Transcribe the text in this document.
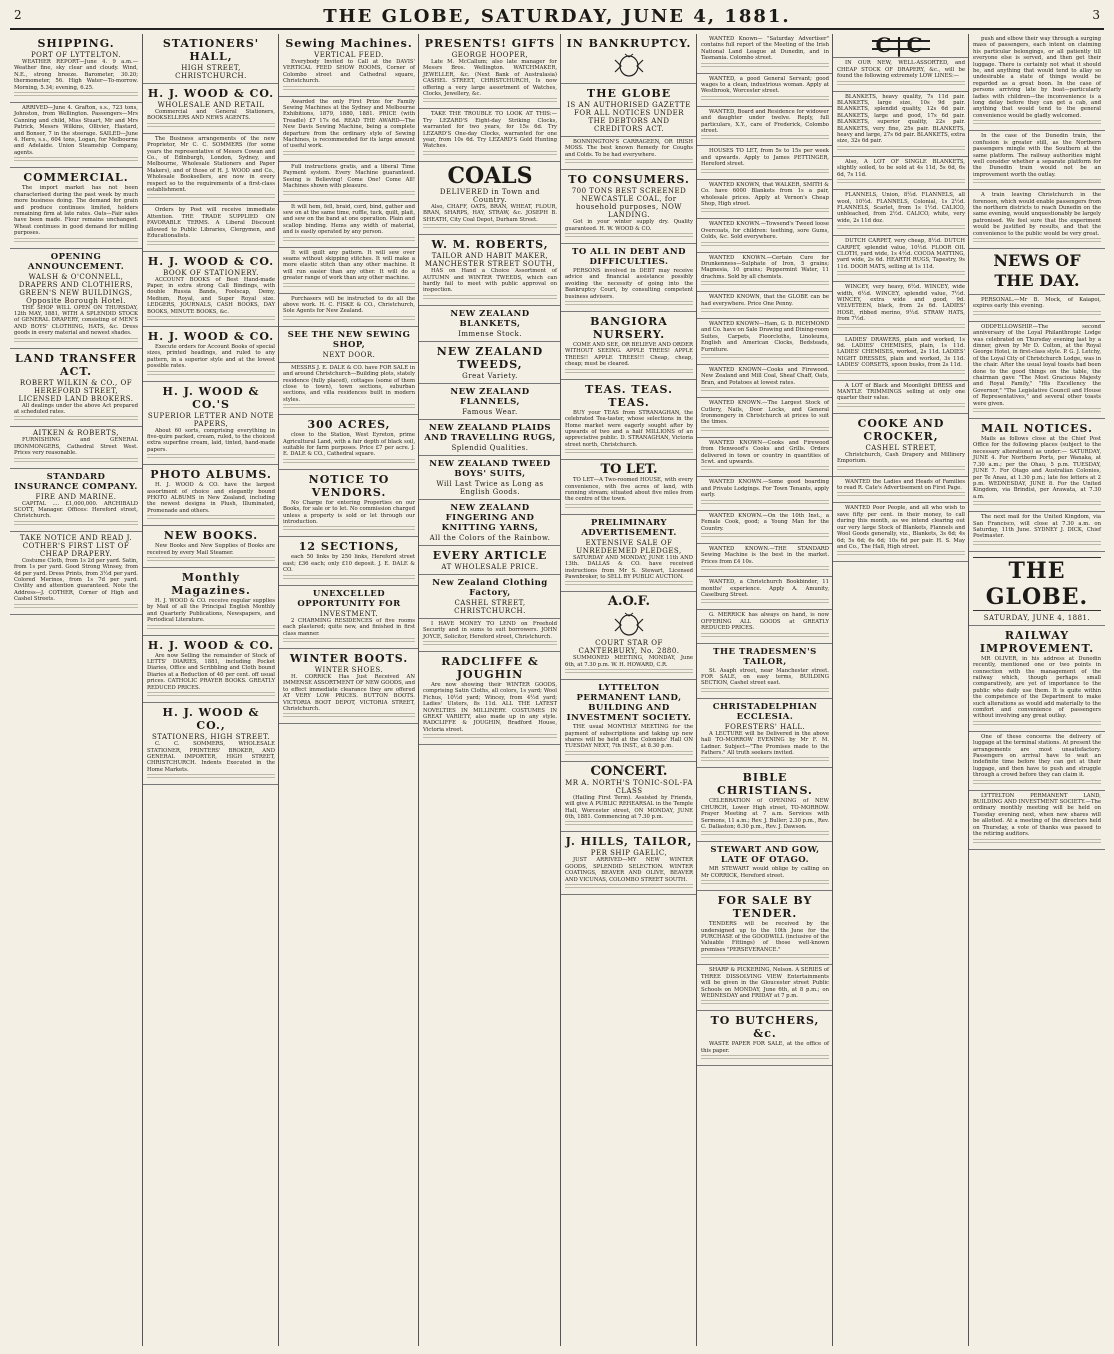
2	THE GLOBE, SATURDAY, JUNE 4, 1881.	3
SHIPPING.
PORT OF LYTTELTON.
WEATHER REPORT—June 4. 9 a.m.—Weather fine, sky clear and cloudy. Wind, N.E., strong breeze. Barometer, 30.20; thermometer, 56. High Water—To-morrow. Morning, 5.34; evening, 6.25.
ARRIVED—June 4. Grafton, s.s., 723 tons, Johnston, from Wellington. Passengers—Mrs Canning and child, Miss Stuart, Mr and Mrs Patrick, Messrs Wilkins, Ollivier, Hastard, and Bonser, 7 in the steerage. SAILED—June 4. Hero, s.s., 604 tons, Logan, for Melbourne and Adelaide. Union Steamship Company, agents.
COMMERCIAL.
The import market has not been characterised during the past week by much more business doing. The demand for grain and produce continues limited, holders remaining firm at late rates. Oats—Fair sales have been made. Flour remains unchanged. Wheat continues in good demand for milling purposes.
OPENING ANNOUNCEMENT.
WALSH & O'CONNELL, DRAPERS AND CLOTHIERS, GREEN'S NEW BUILDINGS, Opposite Borough Hotel.
THE SHOP WILL OPEN ON THURSDAY, 12th MAY, 1881, WITH A SPLENDID STOCK of GENERAL DRAPERY, consisting of MEN'S AND BOYS' CLOTHING, HATS, &c. Dress goods in every material and newest shades.
LAND TRANSFER ACT.
ROBERT WILKIN & CO., OF HEREFORD STREET, LICENSED LAND BROKERS.
All dealings under the above Act prepared at scheduled rates.
AITKEN & ROBERTS,
FURNISHING and GENERAL IRONMONGERS, Cathedral Street West. Prices very reasonable.
STANDARD INSURANCE COMPANY.
FIRE AND MARINE.
CAPITAL .... £1,000,000. ARCHIBALD SCOTT, Manager. Offices: Hereford street, Christchurch.
TAKE NOTICE AND READ J. COTHER'S FIRST LIST OF CHEAP DRAPERY.
Costume Cloth, from 1s 2d per yard. Satin, from 1s per yard. Good Strong Winsey, from 4d per yard. Dress Prints, from 3½d per yard. Colored Merinos, from 1s 7d per yard. Civility and attention guaranteed. Note the Address—J. COTHER, Corner of High and Cashel Streets.
STATIONERS' HALL,
HIGH STREET, CHRISTCHURCH.
H. J. WOOD & CO.
WHOLESALE AND RETAIL
Commercial and General Stationers, BOOKSELLERS AND NEWS AGENTS.
The Business arrangements of the new Proprietor, Mr C. C. SOMMERS (for some years the representative of Messrs Cowan and Co., of Edinburgh, London, Sydney, and Melbourne, Wholesale Stationers and Paper Makers), and of those of H. J. WOOD and Co., Wholesale Booksellers, are now in every respect so to the requirements of a first-class establishment.
Orders by Post will receive immediate Attention. THE TRADE SUPPLIED ON FAVORABLE TERMS. A Liberal Discount allowed to Public Libraries, Clergymen, and Educationalists.
H. J. WOOD & CO.
BOOK OF STATIONERY.
ACCOUNT BOOKS of Best Hand-made Paper, in extra strong Call Bindings, with double Russia Bands, Foolscap, Demy, Medium, Royal, and Super Royal size. LEDGERS, JOURNALS, CASH BOOKS, DAY BOOKS, MINUTE BOOKS, &c.
H. J. WOOD & CO.
Execute orders for Account Books of special sizes, printed headings, and ruled to any pattern, in a superior style and at the lowest possible rates.
H. J. WOOD & CO.'S
SUPERIOR LETTER AND NOTE PAPERS,
About 60 sorts, comprising everything in five-quire packed, cream, ruled, to the choicest extra superfine cream, laid, tinted, hand-made papers.
PHOTO ALBUMS.
H. J. WOOD & CO. have the largest assortment of choice and elegantly bound PHOTO ALBUMS in New Zealand, including the newest designs in Plush, Illuminated, Promenade and others.
NEW BOOKS.
New Books and New Supplies of Books are received by every Mail Steamer.
Monthly Magazines.
H. J. WOOD & CO. receive regular supplies by Mail of all the Principal English Monthly and Quarterly Publications, Newspapers, and Periodical Literature.
H. J. WOOD & CO.
Are now Selling the remainder of Stock of LETTS' DIARIES, 1881, including Pocket Diaries, Office and Scribbling and Cloth bound Diaries at a Reduction of 40 per cent. off usual prices. CATHOLIC PRAYER BOOKS. GREATLY REDUCED PRICES.
H. J. WOOD & CO.,
STATIONERS, HIGH STREET.
C. C. SOMMERS, WHOLESALE STATIONER, PRINTERS' BROKER, AND GENERAL IMPORTER, HIGH STREET, CHRISTCHURCH. Indents Executed in the Home Markets.
Sewing Machines.
VERTICAL FEED.
Everybody Invited to Call at the DAVIS' VERTICAL FEED SHOW ROOMS, Corner of Colombo street and Cathedral square, Christchurch.
Awarded the only First Prize for Family Sewing Machines at the Sydney and Melbourne Exhibitions, 1879, 1880, 1881. PRICE (with Treadle) £7 17s 6d. READ THE AWARD—The New Davis Sewing Machine, being a complete departure from the ordinary style of Sewing Machines, is recommended for its large amount of useful work.
Full instructions gratis, and a liberal Time Payment system. Every Machine guaranteed. Seeing is Believing! Come One! Come All! Machines shown with pleasure.
It will hem, fell, braid, cord, bind, gather and sew on at the same time, ruffle, tuck, quilt, plait, and sew on the band at one operation. Plain and scallop binding. Hems any width of material, and is easily operated by any person.
It will quilt any pattern. It will sew over seams without skipping stitches. It will make a more elastic stitch than any other machine. It will run easier than any other. It will do a greater range of work than any other machine.
Purchasers will be instructed to do all the above work. H. C. FISKE & CO., Christchurch, Sole Agents for New Zealand.
SEE THE NEW SEWING SHOP,
NEXT DOOR.
MESSRS J. E. DALE & CO. have FOR SALE in and around Christchurch—Building plots, stately residence (fully placed), cottages (some of them close to town), town sections, suburban sections, and villa residences built in modern styles.
300 ACRES,
close to the Station, West Eyreton, prime Agricultural Land, with a fair depth of black soil, suitable for farm purposes. Price £7 per acre. J. E. DALE & CO., Cathedral square.
NOTICE TO VENDORS.
No Charge for entering Properties on our Books, for sale or to let. No commission charged unless a property is sold or let through our introduction.
12 SECTIONS,
each 50 links by 250 links, Hereford street east; £36 each; only £10 deposit. J. E. DALE & CO.
UNEXCELLED OPPORTUNITY FOR
INVESTMENT.
2 CHARMING RESIDENCES of five rooms each plastered; quite new, and finished in first class manner.
WINTER BOOTS.
WINTER SHOES.
H. CORRICK Has Just Received AN IMMENSE ASSORTMENT OF NEW GOODS, and to effect immediate clearance they are offered AT VERY LOW PRICES. BUTTON BOOTS. VICTORIA BOOT DEPOT, VICTORIA STREET, Christchurch.
PRESENTS! GIFTS
GEORGE HOOPER,
Late M. McCallum; also late manager for Messrs Bros. Wellington. WATCHMAKER, JEWELLER, &c. (Next Bank of Australasia) CASHEL STREET, CHRISTCHURCH, Is now offering a very large assortment of Watches, Clocks, Jewellery, &c.
TAKE THE TROUBLE TO LOOK AT THIS:— Try LEZARD'S Eight-day Striking Clocks, warranted for two years, for 15s 6d. Try LEZARD'S One-day Clocks, warranted for one year, from 10s 6d. Try LEZARD'S Gold Hunting Watches.
COALS
DELIVERED in Town and Country.
Also, CHAFF, OATS, BRAN, WHEAT, FLOUR, BRAN, SHARPS, HAY, STRAW, &c. JOSEPH B. SHEATH, City Coal Depot, Durham Street.
W. M. ROBERTS,
TAILOR AND HABIT MAKER, MANCHESTER STREET SOUTH,
HAS on Hand a Choice Assortment of AUTUMN and WINTER TWEEDS, which can hardly fail to meet with public approval on inspection.
NEW ZEALAND BLANKETS,
Immense Stock.
NEW ZEALAND TWEEDS,
Great Variety.
NEW ZEALAND FLANNELS,
Famous Wear.
NEW ZEALAND PLAIDS AND TRAVELLING RUGS,
Splendid Qualities.
NEW ZEALAND TWEED BOYS' SUITS,
Will Last Twice as Long as English Goods.
NEW ZEALAND FINGERING AND KNITTING YARNS,
All the Colors of the Rainbow.
EVERY ARTICLE
AT WHOLESALE PRICE.
New Zealand Clothing Factory,
CASHEL STREET, CHRISTCHURCH.
I HAVE MONEY TO LEND on Freehold Security and in sums to suit borrowers. JOHN JOYCE, Solicitor, Hereford street, Christchurch.
RADCLIFFE & JOUGHIN
Are now showing their WINTER GOODS, comprising Satin Cloths, all colors, 1s yard; Wool Fichus, 10½d yard; Wincey, from 4½d yard; Ladies' Ulsters, 8s 11d. ALL THE LATEST NOVELTIES IN MILLINERY. COSTUMES IN GREAT VARIETY, also made up in any style. RADCLIFFE & JOUGHIN, Bradford House, Victoria street.
IN BANKRUPTCY.
THE GLOBE
IS AN AUTHORISED GAZETTE FOR ALL NOTICES UNDER THE DEBTORS AND CREDITORS ACT.
BONNINGTON'S CARRAGEEN, OR IRISH MOSS. The best known Remedy for Coughs and Colds. To be had everywhere.
TO CONSUMERS.
700 TONS BEST SCREENED NEWCASTLE COAL, for household purposes, NOW LANDING.
Got in your winter supply dry. Quality guaranteed. H. W. WOOD & CO.
TO ALL IN DEBT AND DIFFICULTIES.
PERSONS involved in DEBT may receive advice and financial assistance possibly avoiding the necessity of going into the Bankruptcy Court, by consulting competent business advisers.
BANGIORA NURSERY.
COME AND SEE, OR BELIEVE AND ORDER WITHOUT SEEING. APPLE TREES! APPLE TREES!! APPLE TREES!!! Cheap, cheap, cheap; must be cleared.
TEAS. TEAS. TEAS.
BUY your TEAS from STRANAGHAN, the celebrated Tea-taster, whose selections in the Home market were eagerly sought after by upwards of two and a half MILLIONS of an appreciative public. D. STRANAGHAN, Victoria street north, Christchurch.
TO LET.
TO LET—A Two-roomed HOUSE, with every convenience, with five acres of land, with running stream; situated about five miles from the centre of the town.
PRELIMINARY ADVERTISEMENT.
EXTENSIVE SALE OF UNREDEEMED PLEDGES,
SATURDAY AND MONDAY, JUNE 11th AND 13th. DALLAS & CO. have received instructions from Mr S. Stewart, Licensed Pawnbroker, to SELL BY PUBLIC AUCTION.
A.O.F.
COURT STAR OF CANTERBURY, No. 2880.
SUMMONED MEETING, MONDAY, June 6th, at 7.30 p.m. W. H. HOWARD, C.R.
LYTTELTON PERMANENT LAND, BUILDING AND INVESTMENT SOCIETY.
THE usual MONTHLY MEETING for the payment of subscriptions and taking up new shares will be held at the Colonists' Hall ON TUESDAY NEXT, 7th INST., at 8.30 p.m.
CONCERT.
MR A. NORTH'S TONIC-SOL-FA CLASS
(Hailing First Term). Assisted by Friends, will give A PUBLIC REHEARSAL in the Temple Hall, Worcester street, ON MONDAY, JUNE 6th, 1881. Commencing at 7.30 p.m.
J. HILLS, TAILOR,
PER SHIP GAELIC,
JUST ARRIVED—MY NEW WINTER GOODS, SPLENDID SELECTION. WINTER COATINGS, BEAVER AND OLIVE, BEAVER AND VICUNAS, COLOMBO STREET SOUTH.
WANTED Known— "Saturday Advertiser" contains full report of the Meeting of the Irish National Land League at Dunedin, and in Tasmania. Colombo street.
WANTED, a good General Servant; good wages to a clean, industrious woman. Apply at Westbrook, Worcester street.
WANTED, Board and Residence for widower and daughter under twelve. Reply, full particulars, X.Y., care of Frederick, Colombo street.
HOUSES TO LET, from 5s to 15s per week and upwards. Apply to James PETTINGER, Hereford street.
WANTED KNOWN, that WALKER, SMITH & Co. have 6000 Blankets from 1s a pair, wholesale prices. Apply at Vernon's Cheap Shop, High street.
WANTED KNOWN.—Towsend's Tweed loose Overcoats, for children: teething, sore Gums, Colds, &c. Sold everywhere.
WANTED KNOWN.—Certain Cure for Drunkenness—Sulphate of Iron, 5 grains; Magnesia, 10 grains; Peppermint Water, 11 drachms. Sold by all chemists.
WANTED KNOWN, that the GLOBE can be had everywhere. Price One Penny.
WANTED KNOWN—Ham, G. D. RICHMOND and Co. have on Sale Drawing and Dining-room Suites, Carpets, Floorcloths, Linoleums, English and American Clocks, Bedsteads, Furniture.
WANTED KNOWN—Cooks and Firewood. New Zealand and Mill Coal, Sheaf Chaff, Oats, Bran, and Potatoes at lowest rates.
WANTED KNOWN.—The Largest Stock of Cutlery, Nails, Door Locks, and General Ironmongery in Christchurch at prices to suit the times.
WANTED KNOWN—Cooks and Firewood from Henwood's Cooks and Grills. Orders delivered in town or country in quantities of 5cwt. and upwards.
WANTED KNOWN.—Some good boarding and Private Lodgings. For Town Tenants, apply early.
WANTED KNOWN.—On the 10th Inst., a Female Cook, good; a Young Man for the Country.
WANTED KNOWN.—THE STANDARD Sewing Machine is the best in the market. Prices from £4 10s.
WANTED, a Christchurch Bookbinder, 11 months' experience. Apply A. Amunity, Caselburg Street.
G. MERRICK has always on hand, is now OFFERING ALL GOODS at GREATLY REDUCED PRICES.
THE TRADESMEN'S TAILOR,
St. Asaph street, near Manchester street. FOR SALE, on easy terms, BUILDING SECTION, Cashel street east.
CHRISTADELPHIAN ECCLESIA.
FORESTERS' HALL.
A LECTURE will be Delivered in the above hall TO-MORROW EVENING by Mr F. M. Ladner. Subject—"The Promises made to the Fathers." All truth seekers invited.
BIBLE CHRISTIANS.
CELEBRATION of OPENING of NEW CHURCH, Lower High street, TO-MORROW. Prayer Meeting at 7 a.m. Services with Sermons, 11 a.m.; Rev. J. Buller; 2.30 p.m., Rev. C. Dallaston; 6.30 p.m., Rev. J. Dawson.
STEWART AND GOW, LATE OF OTAGO.
MR STEWART would oblige by calling on Mr CORRICK, Hereford street.
FOR SALE BY TENDER.
TENDERS will be received by the undersigned up to the 10th June for the PURCHASE of the GOODWILL (inclusive of the Valuable Fittings) of those well-known premises "PERSEVERANCE."
SHARP & PICKERING, Nelson. A SERIES of THREE DISSOLVING VIEW Entertainments will be given in the Gloucester street Public Schools on MONDAY, June 6th, at 8 p.m.; on WEDNESDAY and FRIDAY at 7 p.m.
TO BUTCHERS, &c.
WASTE PAPER FOR SALE, at the office of this paper.
C|C
IN OUR NEW, WELL-ASSORTED, and CHEAP STOCK OF DRAPERY, &c., will be found the following extremely LOW LINES:—
BLANKETS, heavy quality, 7s 11d pair. BLANKETS, large size, 10s 9d pair. BLANKETS, splendid quality, 12s 6d pair. BLANKETS, large and good, 17s 6d pair. BLANKETS, superior quality, 22s pair. BLANKETS, very fine, 25s pair. BLANKETS, heavy and large, 27s 6d pair. BLANKETS, extra size, 32s 6d pair.
Also, A LOT OF SINGLE BLANKETS, slightly soiled, to be sold at 4s 11d, 5s 6d, 6s 6d, 7s 11d.
FLANNELS, Union, 8½d. FLANNELS, all wool, 10½d. FLANNELS, Colonial, 1s 2½d. FLANNELS, Scarlet, from 1s 1½d. CALICO, unbleached, from 2½d. CALICO, white, very wide, 2s 11d doz.
DUTCH CARPET, very cheap, 8½d. DUTCH CARPET, splendid value, 10½d. FLOOR OIL CLOTH, yard wide, 1s 4½d. COCOA MATTING, yard wide, 2s 6d. HEARTH RUGS, Tapestry, 9s 11d. DOOR MATS, selling at 1s 11d.
WINCEY, very heavy, 6½d. WINCEY, wide width, 6½d. WINCEY, splendid value, 7½d. WINCEY, extra wide and good, 9d. VELVETEEN, black, from 2s 6d. LADIES' HOSE, ribbed merino, 9½d. STRAW HATS, from 7½d.
LADIES' DRAWERS, plain and worked, 1s 9d. LADIES' CHEMISES, plain, 1s 11d. LADIES' CHEMISES, worked, 2s 11d. LADIES' NIGHT DRESSES, plain and worked, 3s 11d. LADIES' CORSETS, spoon busks, from 2s 11d.
A LOT of Black and Moonlight DRESS and MANTLE TRIMMINGS selling at only one quarter their value.
COOKE AND CROCKER,
CASHEL STREET,
Christchurch, Cash Drapery and Millinery Emporium.
WANTED the Ladies and Heads of Families to read R. Cate's Advertisement on First Page.
WANTED Poor People, and all who wish to save fifty per cent. in their money, to call during this month, as we intend clearing out our very large Stock of Blankets, Flannels and Wool Goods generally, viz., Blankets, 3s 6d; 4s 6d; 5s 6d; 6s 6d; 10s 6d per pair. H. S. May and Co., The Hall, High street.
push and elbow their way through a surging mass of passengers, each intent on claiming his particular belongings, or all patiently till everyone else is served, and then get their luggage. There is certainly not what it should be, and anything that would tend to allay so undesirable a state of things would be regarded as a great boon. In the case of persons arriving late by boat—particularly ladies with children—the inconvenience is a long delay before they can get a cab, and anything that would tend to the general convenience would be gladly welcomed.
In the case of the Dunedin train, the confusion is greater still, as the Northern passengers mingle with the Southern at the same platform. The railway authorities might well consider whether a separate platform for the Dunedin train would not be an improvement worth the outlay.
A train leaving Christchurch in the forenoon, which would enable passengers from the northern districts to reach Dunedin on the same evening, would unquestionably be largely patronised. We feel sure that the experiment would be justified by results, and that the convenience to the public would be very great.
NEWS OF THE DAY.
PERSONAL.—Mr B. Mock, of Kaiapoi, expires early this evening.
ODDFELLOWSHIP.—The second anniversary of the Loyal Philanthropic Lodge was celebrated on Thursday evening last by a dinner, given by Mr D. Colton, at the Royal George Hotel, in first-class style. P. G. J. Letchy, of the Loyal City of Christchurch Lodge, was in the chair. After the usual loyal toasts had been done to the good things on the table, the chairman gave "The Most Gracious Majesty and Royal Family," "His Excellency the Governor," "The Legislative Council and House of Representatives," and several other toasts were given.
MAIL NOTICES.
Mails as follows close at the Chief Post Office for the following places (subject to the necessary alterations) as under:— SATURDAY, JUNE 4. For Northern Ports, per Wanaka, at 7.30 a.m.; per the Ohau, 5 p.m. TUESDAY, JUNE 7. For Otago and Australian Colonies, per Te Anau, at 1.30 p.m.; late fee letters at 2 p.m. WEDNESDAY, JUNE 8. For the United Kingdom, via Brindisi, per Arawata, at 7.30 a.m.
The next mail for the United Kingdom, via San Francisco, will close at 7.30 a.m. on Saturday, 11th June. SYDNEY J. DICK, Chief Postmaster.
THE GLOBE.
SATURDAY, JUNE 4, 1881.
RAILWAY IMPROVEMENT.
MR OLIVER, in his address at Dunedin recently, mentioned one or two points in connection with the management of the railway which, though perhaps small comparatively, are yet of importance to the public who daily use them. It is quite within the competence of the Department to make such alterations as would add materially to the comfort and convenience of passengers without involving any great outlay.
One of these concerns the delivery of luggage at the terminal stations. At present the arrangements are most unsatisfactory. Passengers on arrival have to wait an indefinite time before they can get at their luggage, and then have to push and struggle through a crowd before they can claim it.
LYTTELTON PERMANENT LAND, BUILDING AND INVESTMENT SOCIETY.—The ordinary monthly meeting will be held on Tuesday evening next, when new shares will be allotted. At a meeting of the directors held on Thursday, a vote of thanks was passed to the retiring auditors.
